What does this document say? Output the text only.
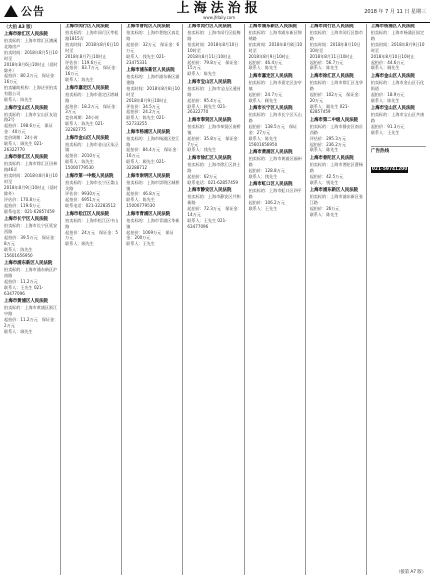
公告	上海法治报
www.jfdaily.com
2018 年 7 月 11 日 星期三
（大拍 A3 版）
上海市徐汇区人民法院

拍卖标的：上海市徐汇区漕溪北路房产

拍卖时间：2018年8月5日10时至

2018年8月6日10时止（延时除外）

起拍价：80.2万元　保证金：16万元

拍卖辅助机构：上海泛亚拍卖有限公司

联系人：陈先生

上海市宝山区人民法院

拍卖标的：上海市宝山区友谊路2号

起拍价：198.6万元　保证金：40万元

竞价周期：24小时

联系人：顾先生 021-26322770

上海市徐汇区人民法院

拍卖标的：上海市徐汇区田林路46弄

拍卖时间：2018年8月8日10时至

2018年8月9日10时止（延时除外）

评估价：170.8万元

起拍价：119.6万元

联系电话：021-62857459

上海市长宁区人民法院

拍卖标的：上海市长宁区延安西路

起拍价：39.5万元　保证金：8万元

联系人：陈先生 15601656950

上海市浦东新区人民法院

拍卖标的：上海市浦东新区沪南路

起拍价：11.2万元

联系人：王先生 021-63477096

上海市黄浦区人民法院

拍卖标的：上海市黄浦区浙江中路

起拍价：11.2万元　保证金：2万元

联系人：顾先生

上海市闵行区人民法院

拍卖标的：上海市闵行区莘松路1815弄

拍卖时间：2018年8月6日10时至

2018年8月7日10时止

评估价：119.6万元

起拍价：83.7万元　保证金：16万元

联系人：陈先生

上海市嘉定区人民法院

拍卖标的：上海市嘉定区塔城路

起拍价：18.2万元　保证金：3万元

竞价周期：24小时

联系人：陈先生 021-32282775

上海市金山区人民法院

拍卖标的：上海市金山区朱泾镇

起拍价：2010万元

联系人：陈先生 15000779530

上海市第一中级人民法院

拍卖标的：上海市长宁区娄山关路

评估价：9930万元

起拍价：6951万元

联系电话：021-32283512

上海市松江区人民法院

拍卖标的：上海市松江区中山路

起拍价：24万元　保证金：5万元

联系人：顾先生

上海市普陀区人民法院

拍卖标的：上海市普陀区真北路

起拍价：32万元　保证金：6万元

联系人：钱先生 021-23475331

上海市浦东新区人民法院

拍卖标的：上海市浦东新区浦建路

拍卖时间：2018年8月8日10时至

2018年8月9日10时止

评估价：34.5万元

起拍价：24.2万元

联系人：陈先生 021-52733255

上海市杨浦区人民法院

拍卖标的：上海市杨浦区控江路

起拍价：84.4万元　保证金：16万元

联系人：顾先生 021-32288712

上海市崇明区人民法院

拍卖标的：上海市崇明区城桥镇

起拍价：46.8万元

联系人：陈先生 15000779530

上海市青浦区人民法院

拍卖标的：上海市青浦区华新镇

起拍价：1069万元　保证金：200万元

联系人：王先生

上海市闵行区人民法院

拍卖标的：上海市闵行区虹梅路

拍卖时间：2018年8月10日10时至

2018年8月11日10时止

起拍价：79.8万元　保证金：15万元

联系人：陈先生

上海市宝山区人民法院

拍卖标的：上海市宝山区通河路

起拍价：95.4万元

联系人：顾先生 021-26322770

上海市奉贤区人民法院

拍卖标的：上海市奉贤区南桥镇

起拍价：35.8万元　保证金：7万元

联系人：钱先生

上海市徐汇区人民法院

拍卖标的：上海市徐汇区斜土路

起拍价：62万元

联系电话：021-62857459

上海市静安区人民法院

拍卖标的：上海市静安区共和新路

起拍价：72.3万元　保证金：14万元

联系人：王先生 021-63477096

上海市浦东新区人民法院

拍卖标的：上海市浦东新区锦绣路

拍卖时间：2018年8月8日10时至

2018年8月9日10时止

起拍价：46.4万元

联系人：陈先生

上海市嘉定区人民法院

拍卖标的：上海市嘉定区安亭镇

起拍价：24.7万元

联系人：顾先生

上海市长宁区人民法院

拍卖标的：上海市长宁区天山路

起拍价：138.5万元　保证金：27万元

联系人：陈先生 15601656950

上海市黄浦区人民法院

拍卖标的：上海市黄浦区福州路

起拍价：128.8万元

联系人：钱先生

上海市虹口区人民法院

拍卖标的：上海市虹口区四平路

起拍价：106.2万元

联系人：王先生

上海市闵行区人民法院

拍卖标的：上海市闵行区都市路

拍卖时间：2018年8月10日10时至

2018年8月11日10时止

起拍价：56.7万元

联系人：陈先生

上海市徐汇区人民法院

拍卖标的：上海市徐汇区龙华路

起拍价：102万元　保证金：20万元

联系人：顾先生 021-62857459

上海市第二中级人民法院

拍卖标的：上海市静安区南京西路

评估价：295.3万元

起拍价：236.2万元

联系人：陈先生

上海市普陀区人民法院

拍卖标的：上海市普陀区曹杨路

起拍价：42.5万元

联系人：钱先生

上海市浦东新区人民法院

拍卖标的：上海市浦东新区张江路

起拍价：26万元

联系人：陈先生

上海市杨浦区人民法院

拍卖标的：上海市杨浦区国定路

拍卖时间：2018年8月9日10时至

2018年8月10日10时止

起拍价：44.6万元

联系人：顾先生

上海市金山区人民法院

拍卖标的：上海市金山区石化街道

起拍价：18.9万元

联系人：陈先生

上海市宝山区人民法院

拍卖标的：上海市宝山区共康路

起拍价：91.3万元

联系人：王先生

广告热线
021-59741200
（接第 A7 版）
